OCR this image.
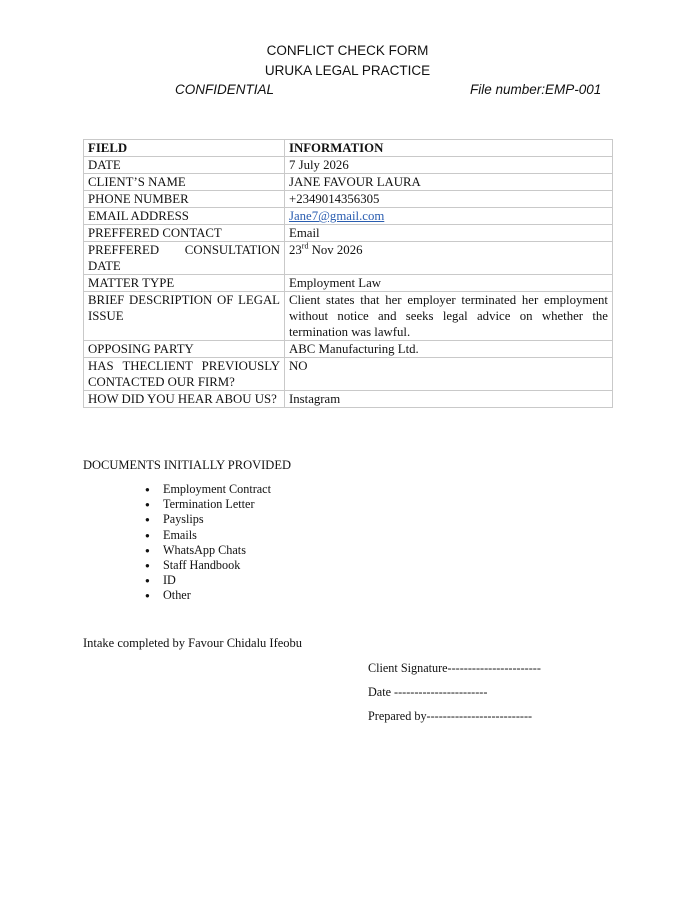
CONFLICT CHECK FORM
URUKA LEGAL PRACTICE
CONFIDENTIAL	File number:EMP-001
FIELD	INFORMATION
DATE	7 July 2026
CLIENT’S NAME	JANE FAVOUR LAURA
PHONE NUMBER	+2349014356305
EMAIL ADDRESS	Jane7@gmail.com
PREFFERED CONTACT	Email
PREFFERED CONSULTATION DATE	23rd Nov 2026
MATTER TYPE	Employment Law
BRIEF DESCRIPTION OF LEGAL ISSUE	Client states that her employer terminated her employment without notice and seeks legal advice on whether the termination was lawful.
OPPOSING PARTY	ABC Manufacturing Ltd.
HAS THECLIENT PREVIOUSLY CONTACTED OUR FIRM?	NO
HOW DID YOU HEAR ABOU US?	Instagram
DOCUMENTS INITIALLY PROVIDED
● Employment Contract
● Termination Letter
● Payslips
● Emails
● WhatsApp Chats
● Staff Handbook
● ID
● Other
Intake completed by Favour Chidalu Ifeobu
Client Signature-----------------------
Date -----------------------
Prepared by--------------------------
